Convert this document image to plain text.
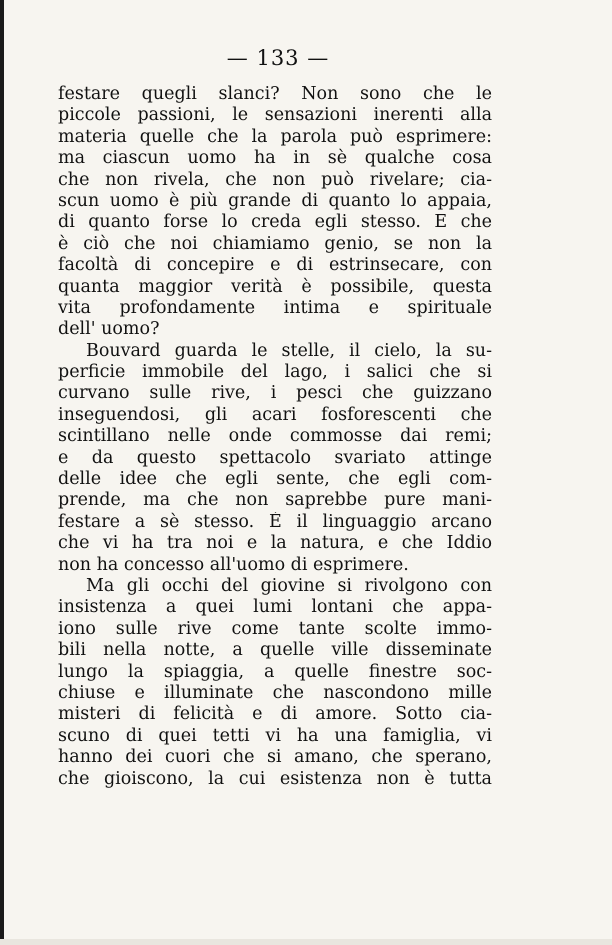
— 133 —
festare quegli slanci? Non sono che le
piccole passioni, le sensazioni inerenti alla
materia quelle che la parola può esprimere:
ma ciascun uomo ha in sè qualche cosa
che non rivela, che non può rivelare; cia-
scun uomo è più grande di quanto lo appaia,
di quanto forse lo creda egli stesso. E che
è ciò che noi chiamiamo genio, se non la
facoltà di concepire e di estrinsecare, con
quanta maggior verità è possibile, questa
vita profondamente intima e spirituale
dell' uomo?
Bouvard guarda le stelle, il cielo, la su-
perficie immobile del lago, i salici che si
curvano sulle rive, i pesci che guizzano
inseguendosi, gli acari fosforescenti che
scintillano nelle onde commosse dai remi;
e da questo spettacolo svariato attinge
delle idee che egli sente, che egli com-
prende, ma che non saprebbe pure mani-
festare a sè stesso. È il linguaggio arcano
che vi ha tra noi e la natura, e che Iddio
non ha concesso all'uomo di esprimere.
Ma gli occhi del giovine si rivolgono con
insistenza a quei lumi lontani che appa-
iono sulle rive come tante scolte immo-
bili nella notte, a quelle ville disseminate
lungo la spiaggia, a quelle finestre soc-
chiuse e illuminate che nascondono mille
misteri di felicità e di amore. Sotto cia-
scuno di quei tetti vi ha una famiglia, vi
hanno dei cuori che si amano, che sperano,
che gioiscono, la cui esistenza non è tutta
